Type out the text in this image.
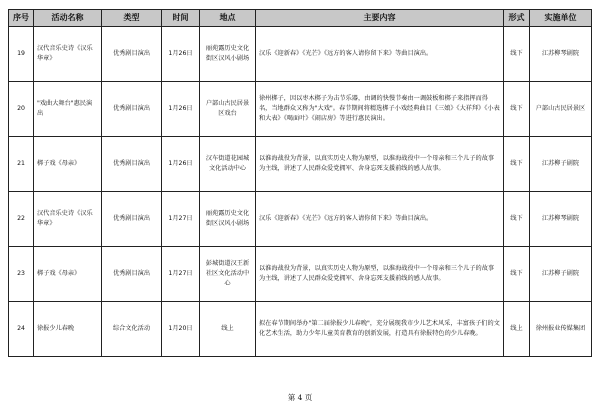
序号	活动名称	类型	时间	地点	主要内容	形式	实施单位
19	汉代音乐史诗《汉乐华章》	优秀剧目演出	1月26日	丽苑露历史文化街区汉风小剧场	汉乐《迎新春》《光芒》《远方的客人请你留下来》等曲目演出。	线下	江苏柳琴剧院
20	"戏曲大舞台"惠民演出	优秀剧目演出	1月26日	户部山古民居景区戏台	徐州梆子，因以枣木梆子为击节乐器，由调的快慢节奏由一调鼓板和梆子来指挥而得名，当地群众又称为"大戏"。春节期间将精选梆子小戏经典曲目《三娘》《大祥拜》《小表和大表》《喝面叶》《闹店房》等进行惠民演出。	线下	户部山古民居景区
21	梆子戏《母亲》	优秀剧目演出	1月26日	汉车街道花园城文化活动中心	以淮海战役为背景，以真实历史人物为原型，以淮海战役中一个母亲和三个儿子的故事为主线，讲述了人民群众爱党拥军、舍身忘死支援前线的感人故事。	线下	江苏柳子剧院
22	汉代音乐史诗《汉乐华章》	优秀剧目演出	1月27日	丽苑露历史文化街区汉风小剧场	汉乐《迎新春》《光芒》《远方的客人请你留下来》等曲目演出。	线下	江苏柳琴剧院
23	梆子戏《母亲》	优秀剧目演出	1月27日	彭城街道汉王新社区文化活动中心	以淮海战役为背景，以真实历史人物为原型，以淮海战役中一个母亲和三个儿子的故事为主线，讲述了人民群众爱党拥军、舍身忘死支援前线的感人故事。	线下	江苏柳子剧院
24	徐报少儿春晚	综合文化活动	1月20日	线上	拟在春节期间举办"第二届徐报少儿春晚"，充分展现我市少儿艺术风采，丰富孩子们的文化艺术生活，助力少年儿童美育教育的创新发展，打造具有徐报特色的少儿春晚。	线上	徐州报业传媒集团
第 4 页
